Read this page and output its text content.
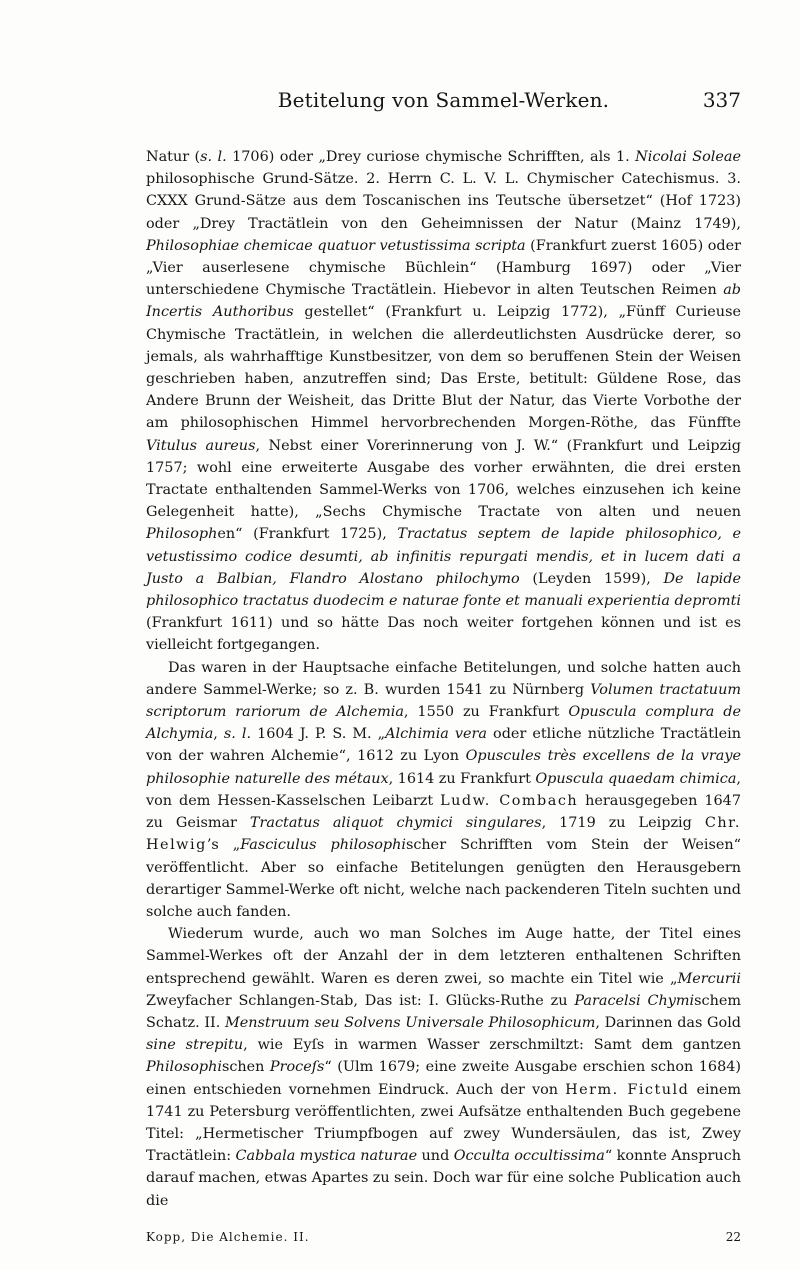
Betitelung von Sammel-Werken.	337

Natur (s. l. 1706) oder „Drey curiose chymische Schrifften, als 1. Nicolai Soleae philosophische Grund-Sätze. 2. Herrn C. L. V. L. Chymischer Catechismus. 3. CXXX Grund-Sätze aus dem Toscanischen ins Teutsche übersetzet“ (Hof 1723) oder „Drey Tractätlein von den Geheimnissen der Natur (Mainz 1749), Philosophiae chemicae quatuor vetustissima scripta (Frankfurt zuerst 1605) oder „Vier auserlesene chymische Büchlein“ (Hamburg 1697) oder „Vier unterschiedene Chymische Tractätlein. Hiebevor in alten Teutschen Reimen ab Incertis Authoribus gestellet“ (Frankfurt u. Leipzig 1772), „Fünff Curieuse Chymische Tractätlein, in welchen die allerdeutlichsten Ausdrücke derer, so jemals, als wahrhafftige Kunstbesitzer, von dem so beruffenen Stein der Weisen geschrieben haben, anzutreffen sind; Das Erste, betitult: Güldene Rose, das Andere Brunn der Weisheit, das Dritte Blut der Natur, das Vierte Vorbothe der am philosophischen Himmel hervorbrechenden Morgen-Röthe, das Fünffte Vitulus aureus, Nebst einer Vorerinnerung von J. W.“ (Frankfurt und Leipzig 1757; wohl eine erweiterte Ausgabe des vorher erwähnten, die drei ersten Tractate enthaltenden Sammel-Werks von 1706, welches einzusehen ich keine Gelegenheit hatte), „Sechs Chymische Tractate von alten und neuen Philosophen“ (Frankfurt 1725), Tractatus septem de lapide philosophico, e vetustissimo codice desumti, ab infinitis repurgati mendis, et in lucem dati a Justo a Balbian, Flandro Alostano philochymo (Leyden 1599), De lapide philosophico tractatus duodecim e naturae fonte et manuali experientia depromti (Frankfurt 1611) und so hätte Das noch weiter fortgehen können und ist es vielleicht fortgegangen.

Das waren in der Hauptsache einfache Betitelungen, und solche hatten auch andere Sammel-Werke; so z. B. wurden 1541 zu Nürnberg Volumen tractatuum scriptorum rariorum de Alchemia, 1550 zu Frankfurt Opuscula complura de Alchymia, s. l. 1604 J. P. S. M. „Alchimia vera oder etliche nützliche Tractätlein von der wahren Alchemie“, 1612 zu Lyon Opuscules très excellens de la vraye philosophie naturelle des métaux, 1614 zu Frankfurt Opuscula quaedam chimica, von dem Hessen-Kasselschen Leibarzt Ludw. Combach herausgegeben 1647 zu Geismar Tractatus aliquot chymici singulares, 1719 zu Leipzig Chr. Helwig’s „Fasciculus philosophischer Schrifften vom Stein der Weisen“ veröffentlicht. Aber so einfache Betitelungen genügten den Herausgebern derartiger Sammel-Werke oft nicht, welche nach packenderen Titeln suchten und solche auch fanden.

Wiederum wurde, auch wo man Solches im Auge hatte, der Titel eines Sammel-Werkes oft der Anzahl der in dem letzteren enthaltenen Schriften entsprechend gewählt. Waren es deren zwei, so machte ein Titel wie „Mercurii Zweyfacher Schlangen-Stab, Das ist: I. Glücks-Ruthe zu Paracelsi Chymischem Schatz. II. Menstruum seu Solvens Universale Philosophicum, Darinnen das Gold sine strepitu, wie Eyſs in warmen Wasser zerschmiltzt: Samt dem gantzen Philosophischen Proceſs“ (Ulm 1679; eine zweite Ausgabe erschien schon 1684) einen entschieden vornehmen Eindruck. Auch der von Herm. Fictuld einem 1741 zu Petersburg veröffentlichten, zwei Aufsätze enthaltenden Buch gegebene Titel: „Hermetischer Triumpfbogen auf zwey Wundersäulen, das ist, Zwey Tractätlein: Cabbala mystica naturae und Occulta occultissima“ konnte Anspruch darauf machen, etwas Apartes zu sein. Doch war für eine solche Publication auch die

Kopp, Die Alchemie. II.	22
